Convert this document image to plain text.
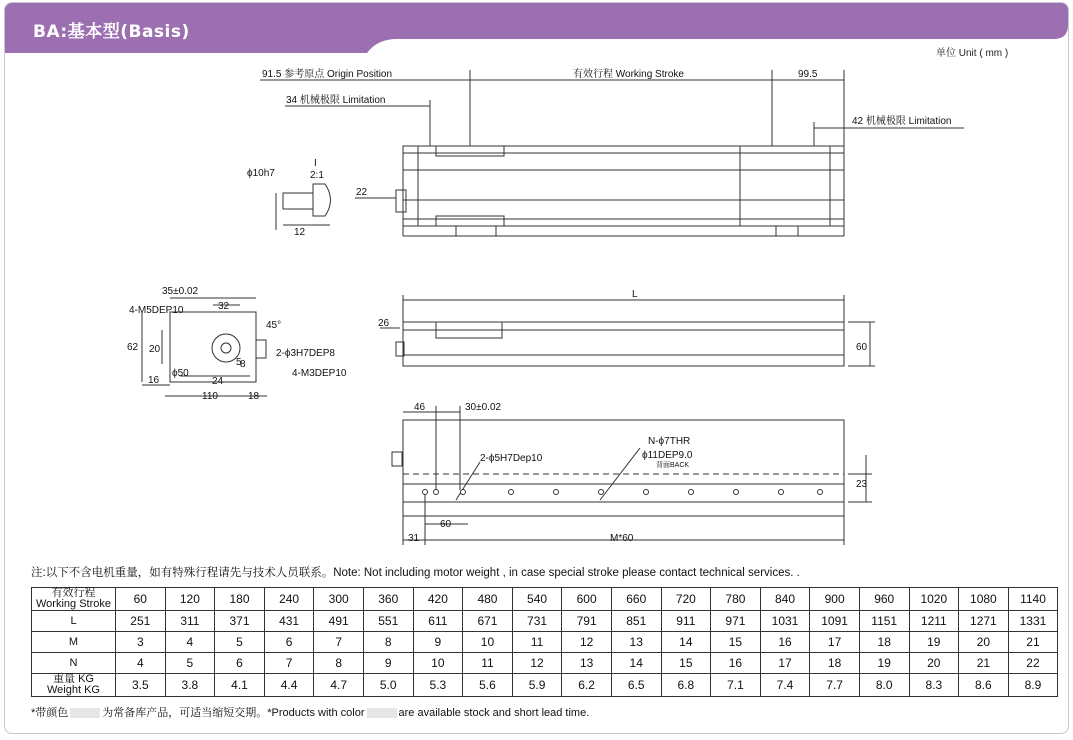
BA:基本型(Basis)
单位 Unit ( mm )
91.5 参考原点 Origin Position	有效行程 Working Stroke	99.5
34 机械极限 Limitation
42 机械极限 Limitation
22
ϕ10h7
I
2:1
12
35±0.02
4-M5DEP10	32
45°
62 20	2-ϕ3H7DEP8
ϕ50	4-M3DEP10
16
5
8
24
110	18
L
26
60
46	30±0.02
N-ϕ7THR
ϕ11DEP9.0
背面BACK
2-ϕ5H7Dep10
60
31	M*60
23
注:以下不含电机重量，如有特殊行程请先与技术人员联系。Note: Not including motor weight , in case special stroke please contact technical services. .
有效行程
Working Stroke	60	120	180	240	300	360	420	480	540	600	660	720	780	840	900	960	1020	1080	1140
L	251	311	371	431	491	551	611	671	731	791	851	911	971	1031	1091	1151	1211	1271	1331
M	3	4	5	6	7	8	9	10	11	12	13	14	15	16	17	18	19	20	21
N	4	5	6	7	8	9	10	11	12	13	14	15	16	17	18	19	20	21	22
重量 KG
Weight KG	3.5	3.8	4.1	4.4	4.7	5.0	5.3	5.6	5.9	6.2	6.5	6.8	7.1	7.4	7.7	8.0	8.3	8.6	8.9
*带颜色	为常备库产品，可适当缩短交期。*Products with color	are available stock and short lead time.
